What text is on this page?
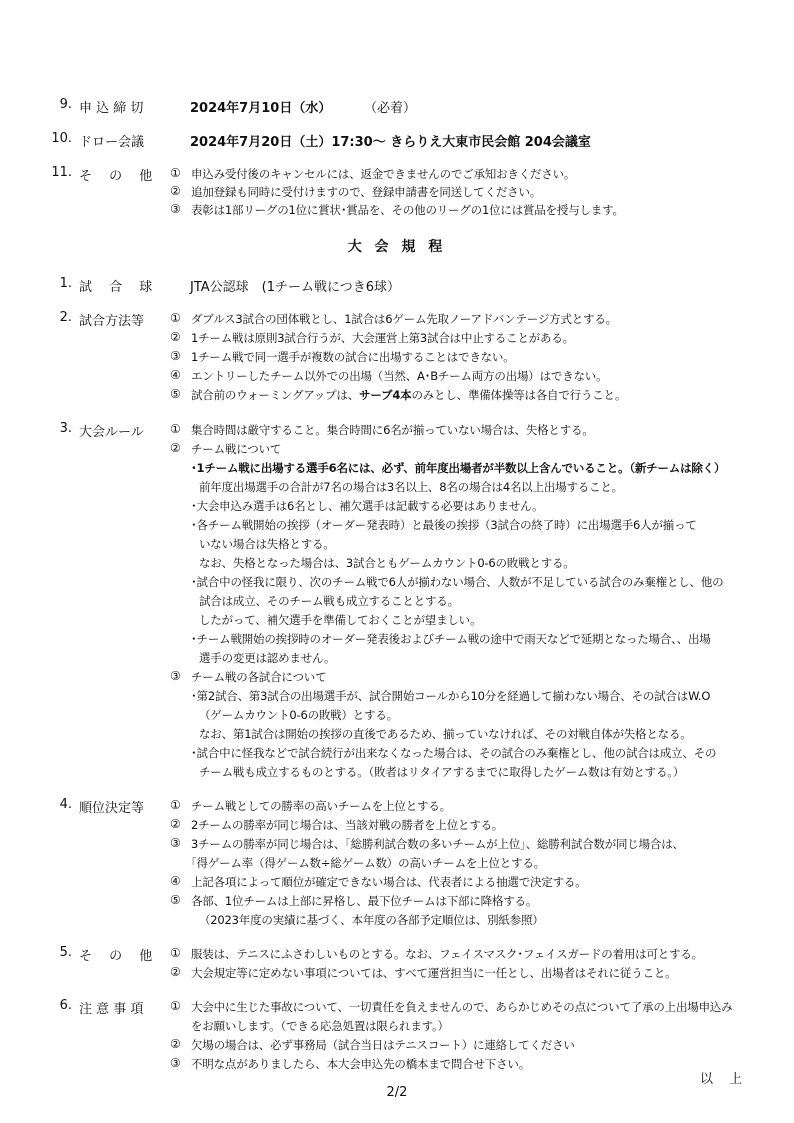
9. 申 込 締 切	2024年7月10日（水）	（必着）
10. ドロー会議	2024年7月20日（土）17:30～ きらりえ大東市民会館 204会議室
11. そ　 の　 他 ① 申込み受付後のキャンセルには、返金できませんのでご承知おきください。
② 追加登録も同時に受付けますので、登録申請書を同送してください。
③ 表彰は1部リーグの1位に賞状･賞品を、その他のリーグの1位には賞品を授与します。
大 会 規 程
1. 試　 合　 球	JTA公認球　(1チーム戦につき6球）
2. 試合方法等 ① ダブルス3試合の団体戦とし、1試合は6ゲーム先取ノーアドバンテージ方式とする。
② 1チーム戦は原則3試合行うが、大会運営上第3試合は中止することがある。
③ 1チーム戦で同一選手が複数の試合に出場することはできない。
④ エントリーしたチーム以外での出場（当然、A･Bチーム両方の出場）はできない。
⑤ 試合前のウォーミングアップは、サーブ4本のみとし、準備体操等は各自で行うこと。
3. 大会ルール ① 集合時間は厳守すること。集合時間に6名が揃っていない場合は、失格とする。
② チーム戦について
･1チーム戦に出場する選手6名には、必ず、前年度出場者が半数以上含んでいること。（新チームは除く）
前年度出場選手の合計が7名の場合は3名以上、8名の場合は4名以上出場すること。
･大会申込み選手は6名とし、補欠選手は記載する必要はありません。
･各チーム戦開始の挨拶（オーダー発表時）と最後の挨拶（3試合の終了時）に出場選手6人が揃って
いない場合は失格とする。
なお、失格となった場合は、3試合ともゲームカウント0-6の敗戦とする。
･試合中の怪我に限り、次のチーム戦で6人が揃わない場合、人数が不足している試合のみ棄権とし、他の
試合は成立、そのチーム戦も成立することとする。
したがって、補欠選手を準備しておくことが望ましい。
･チーム戦開始の挨拶時のオーダー発表後およびチーム戦の途中で雨天などで延期となった場合、、出場
選手の変更は認めません。
③ チーム戦の各試合について
･第2試合、第3試合の出場選手が、試合開始コールから10分を経過して揃わない場合、その試合はW.O
（ゲームカウント0-6の敗戦）とする。
なお、第1試合は開始の挨拶の直後であるため、揃っていなければ、その対戦自体が失格となる。
･試合中に怪我などで試合続行が出来なくなった場合は、その試合のみ棄権とし、他の試合は成立、その
チーム戦も成立するものとする。（敗者はリタイアするまでに取得したゲーム数は有効とする。）
4. 順位決定等 ① チーム戦としての勝率の高いチームを上位とする。
② 2チームの勝率が同じ場合は、当該対戦の勝者を上位とする。
③ 3チームの勝率が同じ場合は、｢総勝利試合数の多いチームが上位｣、総勝利試合数が同じ場合は、
｢得ゲーム率（得ゲーム数÷総ゲーム数）の高いチームを上位とする。
④ 上記各項によって順位が確定できない場合は、代表者による抽選で決定する。
⑤ 各部、1位チームは上部に昇格し、最下位チームは下部に降格する。
（2023年度の実績に基づく、本年度の各部予定順位は、別紙参照）
5. そ　 の　 他 ① 服装は、テニスにふさわしいものとする。なお、フェイスマスク･フェイスガードの着用は可とする。
② 大会規定等に定めない事項については、すべて運営担当に一任とし、出場者はそれに従うこと。
6. 注 意 事 項 ① 大会中に生じた事故について、一切責任を負えませんので、あらかじめその点について了承の上出場申込み
をお願いします。（できる応急処置は限られます。）
② 欠場の場合は、必ず事務局（試合当日はテニスコート）に連絡してください
③ 不明な点がありましたら、本大会申込先の橋本まで問合せ下さい。
以 上
2/2
